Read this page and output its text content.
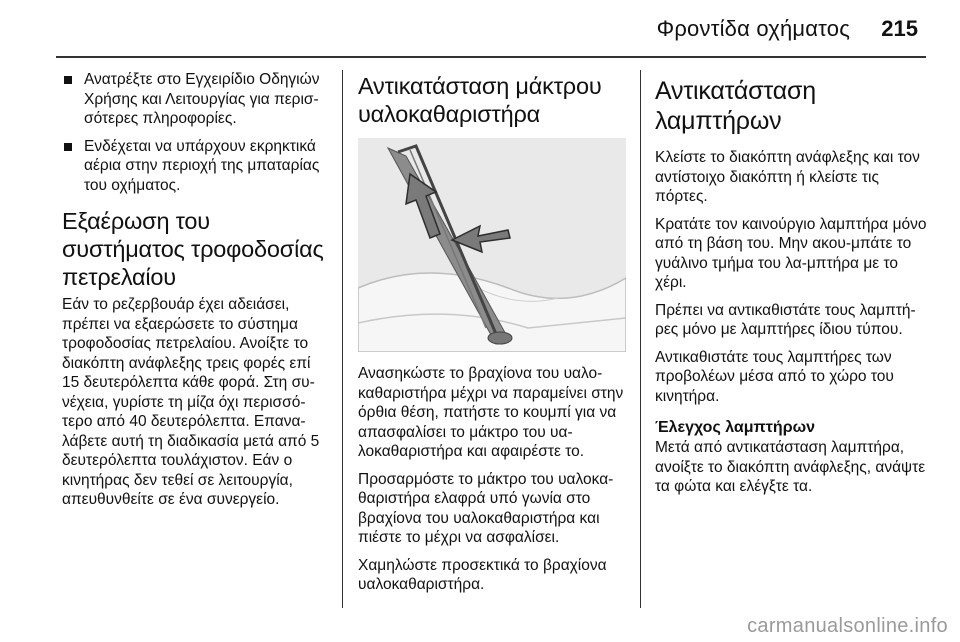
Φροντίδα οχήματος 215
Ανατρέξτε στο Εγχειρίδιο Οδηγιών Χρήσης και Λειτουργίας για περισ-σότερες πληροφορίες.
Ενδέχεται να υπάρχουν εκρηκτικά αέρια στην περιοχή της μπαταρίας του οχήματος.
Εξαέρωση του συστήματος τροφοδοσίας πετρελαίου

Εάν το ρεζερβουάρ έχει αδειάσει, πρέπει να εξαερώσετε το σύστημα τροφοδοσίας πετρελαίου. Ανοίξτε το διακόπτη ανάφλεξης τρεις φορές επί 15 δευτερόλεπτα κάθε φορά. Στη συ-νέχεια, γυρίστε τη μίζα όχι περισσό-τερο από 40 δευτερόλεπτα. Επανα-λάβετε αυτή τη διαδικασία μετά από 5 δευτερόλεπτα τουλάχιστον. Εάν ο κινητήρας δεν τεθεί σε λειτουργία, απευθυνθείτε σε ένα συνεργείο.

Αντικατάσταση μάκτρου υαλοκαθαριστήρα

Ανασηκώστε το βραχίονα του υαλο-καθαριστήρα μέχρι να παραμείνει στην όρθια θέση, πατήστε το κουμπί για να απασφαλίσει το μάκτρο του υα-λοκαθαριστήρα και αφαιρέστε το.

Προσαρμόστε το μάκτρο του υαλοκα-θαριστήρα ελαφρά υπό γωνία στο βραχίονα του υαλοκαθαριστήρα και πιέστε το μέχρι να ασφαλίσει.

Χαμηλώστε προσεκτικά το βραχίονα υαλοκαθαριστήρα.

Αντικατάσταση λαμπτήρων

Κλείστε το διακόπτη ανάφλεξης και τον αντίστοιχο διακόπτη ή κλείστε τις πόρτες.

Κρατάτε τον καινούργιο λαμπτήρα μόνο από τη βάση του. Μην ακου-μπάτε το γυάλινο τμήμα του λα-μπτήρα με το χέρι.

Πρέπει να αντικαθιστάτε τους λαμπτή-ρες μόνο με λαμπτήρες ίδιου τύπου.

Αντικαθιστάτε τους λαμπτήρες των προβολέων μέσα από το χώρο του κινητήρα.

Έλεγχος λαμπτήρων

Μετά από αντικατάσταση λαμπτήρα, ανοίξτε το διακόπτη ανάφλεξης, ανάψτε τα φώτα και ελέγξτε τα.

carmanualsonline.info
